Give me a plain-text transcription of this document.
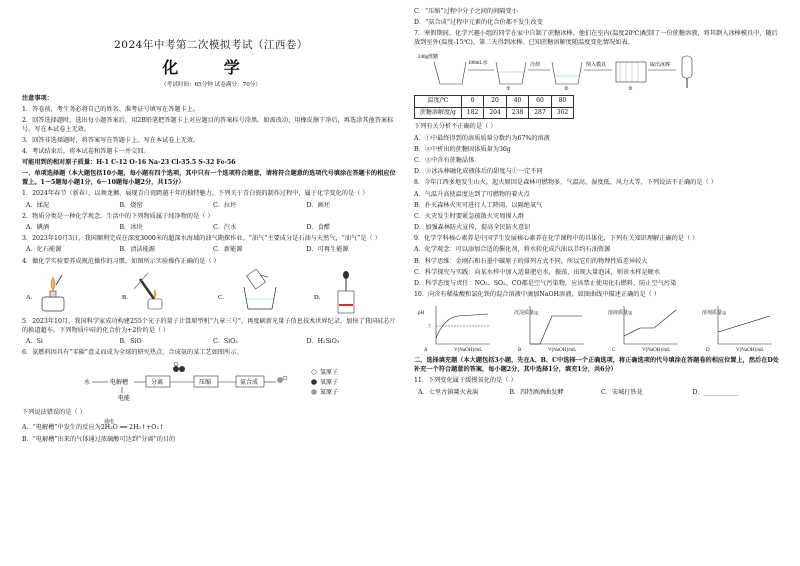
2024年中考第二次模拟考试（江西卷）
化 学
（考试时间：65分钟 试卷满分：70分）
注意事项：
1．答卷前，考生务必将自己的姓名、准考证号填写在答题卡上。
2．回答选择题时，选出每小题答案后，用2B铅笔把答题卡上对应题目的答案标号涂黑。如需改动，用橡皮擦干净后，再选涂其他答案标号。写在本试卷上无效。
3．回答非选择题时，将答案写在答题卡上。写在本试卷上无效。
4．考试结束后，将本试卷和答题卡一并交回。
可能用到的相对原子质量：H-1 C-12 O-16 Na-23 Cl-35.5 S-32 Fe-56
一、单项选择题（本大题包括10小题，每小题有四个选项，其中只有一个选项符合题意，请将符合题意的选项代号填涂在答题卡的相应位置上。1～5题每小题1分，6～10题每小题2分，共15分）
1．2024年春节（新春），以舞龙狮、展现青白瓷跨越千年的独特魅力，下列关于青白瓷的制作过程中，属于化学变化的是（ ）
A．揉泥	B．烧窑	C．拉坯	D．画坯
2．物质分类是一种化学观念。生活中的下列物质属于纯净物的是（ ）
A．碘酒	B．冰块	C．汽水	D．食醋
3．2023年10月3日，我国顺利完成在深度3000米的超深水海域的油气勘探作业。“油气”主要成分是石油与天然气，“油气”是（ ）
A．化石能源	B．清洁能源	C．新能源	D．可再生能源
4．做化学实验要养成规范操作的习惯，如图所示实验操作正确的是（ ）
A.	B.	C.	D.
5．2023年10月，我国科学家成功构建255个光子的量子计算原型机“九章三号”，再度刷新光量子信息技术世界纪录，加快了我国硅芯片的换道超车。下列物质中硅的化合价为+2价的是（ ）
A．Si	B．SiO	C．SiO₂	D．H₂SiO₃
6．氨燃料因具有“零碳”意义而成为全球的研究热点。合成氨的某工艺如图所示。
水	电解槽	分离	压缩	氨合成
电能
氢原子
氧原子
氮原子
下列说法错误的是（ ）
通电
A．“电解槽”中发生的反应为2H₂O ══ 2H₂↑+O₂↑
B．“电解槽”出来的气体通过浓硫酸可达到“分离”的目的
C．“压缩”过程中分子之间的间隔变小
D．“氨合成”过程中元素的化合价都不发生改变
7．寒假期间，化学兴趣小组的同学在家中自制了蔗糖冰棒。他们在室内(温度20℃)配制了一份蔗糖溶液，将其倒入冰棒模具中，随后放到室外(温度-15℃)，第二天得到冰棒。已知蔗糖溶解度随温度变化情况如表。
240g蔗糖
100mL水
①
冷却
②
倒入模具
③
取出冰棒
温度/℃	0	20	40	60	80
蔗糖溶解度/g	182	204	238	287	362
下列有关分析不正确的是（ ）
A．①中最终得到的溶质质量分数约为67%的溶液
B．②中析出的蔗糖固体质量为36g
C．③中含有蔗糖晶体
D．③冰冻棒融化成液体后的甜度与①一定不同
8．今年江西多地发生山火，起火原因是森林可燃物多，气温高、湿度低、风力大等，下列说法不正确的是（ ）
A．气温升高使温度达到了可燃物的着火点
B．扑灭森林火灾可进行人工降雨，以隔绝氧气
C．火灾发生时要紧急疏散火灾周围人群
D．加强森林防火宣传，提高全民防火意识
9．化学学科核心素养是中国学生发展核心素养在化学课程中的具体化，下列有关知识理解正确的是（ ）
A．化学观念：可以添加合适的催化剂，将水转化成汽油以节约石油资源
B．科学思维：金刚石和石墨中碳原子的排列方式不同，所以它们的物理性质差异较大
C．科学探究与实践：向某水样中加入适量肥皂水，振荡，出现大量泡沫，则该水样是硬水
D．科学态度与责任：NO₂、SO₂、CO都是空气污染物，应该禁止使用化石燃料，防止空气污染
10．向含有稀盐酸和氯化铁的混合溶液中滴加NaOH溶液，如图曲线中描述正确的是（ ）
pH
7
V(NaOH)/mL
A
沉淀质量/g
V(NaOH)/mL
B
溶液质量/g
V(NaOH)/mL
C
溶剂质量/g
V(NaOH)/mL
D
二、选择填充题（本大题包括3小题，先在A、B、C中选择一个正确选项，将正确选项的代号填涂在答题卷的相应位置上，然后在D处补充一个符合题意的答案，每小题2分，其中选择1分，填充1分，共6分）
11．下列变化属于缓慢氧化的是（ ）
A．七里古镇篝火表演	B．四特酒酒曲发酵	C．宋城打铁花	D．___________
